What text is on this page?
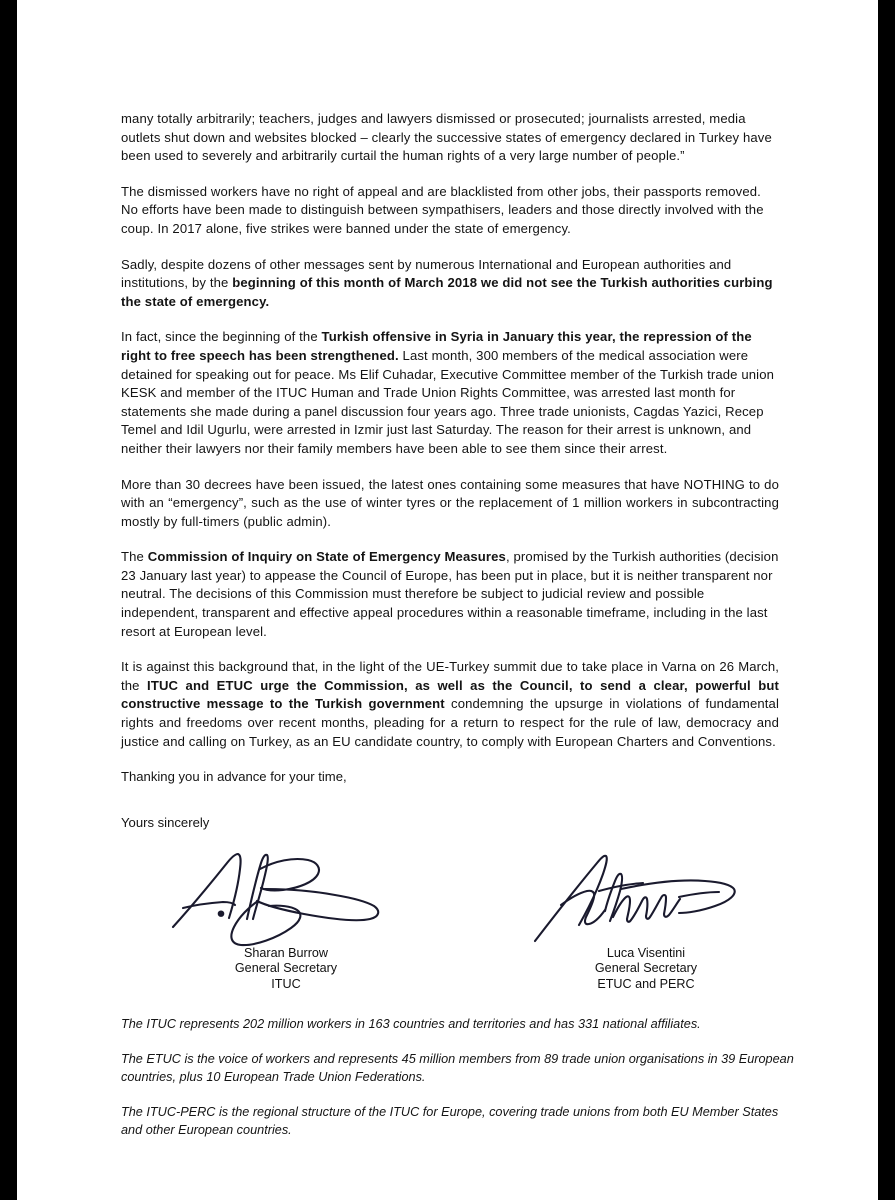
many totally arbitrarily; teachers, judges and lawyers dismissed or prosecuted; journalists arrested, media outlets shut down and websites blocked – clearly the successive states of emergency declared in Turkey have been used to severely and arbitrarily curtail the human rights of a very large number of people.”

The dismissed workers have no right of appeal and are blacklisted from other jobs, their passports removed. No efforts have been made to distinguish between sympathisers, leaders and those directly involved with the coup. In 2017 alone, five strikes were banned under the state of emergency.

Sadly, despite dozens of other messages sent by numerous International and European authorities and institutions, by the beginning of this month of March 2018 we did not see the Turkish authorities curbing the state of emergency.

In fact, since the beginning of the Turkish offensive in Syria in January this year, the repression of the right to free speech has been strengthened. Last month, 300 members of the medical association were detained for speaking out for peace. Ms Elif Cuhadar, Executive Committee member of the Turkish trade union KESK and member of the ITUC Human and Trade Union Rights Committee, was arrested last month for statements she made during a panel discussion four years ago. Three trade unionists, Cagdas Yazici, Recep Temel and Idil Ugurlu, were arrested in Izmir just last Saturday. The reason for their arrest is unknown, and neither their lawyers nor their family members have been able to see them since their arrest.

More than 30 decrees have been issued, the latest ones containing some measures that have NOTHING to do with an “emergency”, such as the use of winter tyres or the replacement of 1 million workers in subcontracting mostly by full-timers (public admin).

The Commission of Inquiry on State of Emergency Measures, promised by the Turkish authorities (decision 23 January last year) to appease the Council of Europe, has been put in place, but it is neither transparent nor neutral. The decisions of this Commission must therefore be subject to judicial review and possible independent, transparent and effective appeal procedures within a reasonable timeframe, including in the last resort at European level.

It is against this background that, in the light of the UE-Turkey summit due to take place in Varna on 26 March, the ITUC and ETUC urge the Commission, as well as the Council, to send a clear, powerful but constructive message to the Turkish government condemning the upsurge in violations of fundamental rights and freedoms over recent months, pleading for a return to respect for the rule of law, democracy and justice and calling on Turkey, as an EU candidate country, to comply with European Charters and Conventions.

Thanking you in advance for your time,

Yours sincerely

Sharan Burrow
General Secretary
ITUC
Luca Visentini
General Secretary
ETUC and PERC

The ITUC represents 202 million workers in 163 countries and territories and has 331 national affiliates.

The ETUC is the voice of workers and represents 45 million members from 89 trade union organisations in 39 European countries, plus 10 European Trade Union Federations.

The ITUC-PERC is the regional structure of the ITUC for Europe, covering trade unions from both EU Member States and other European countries.
